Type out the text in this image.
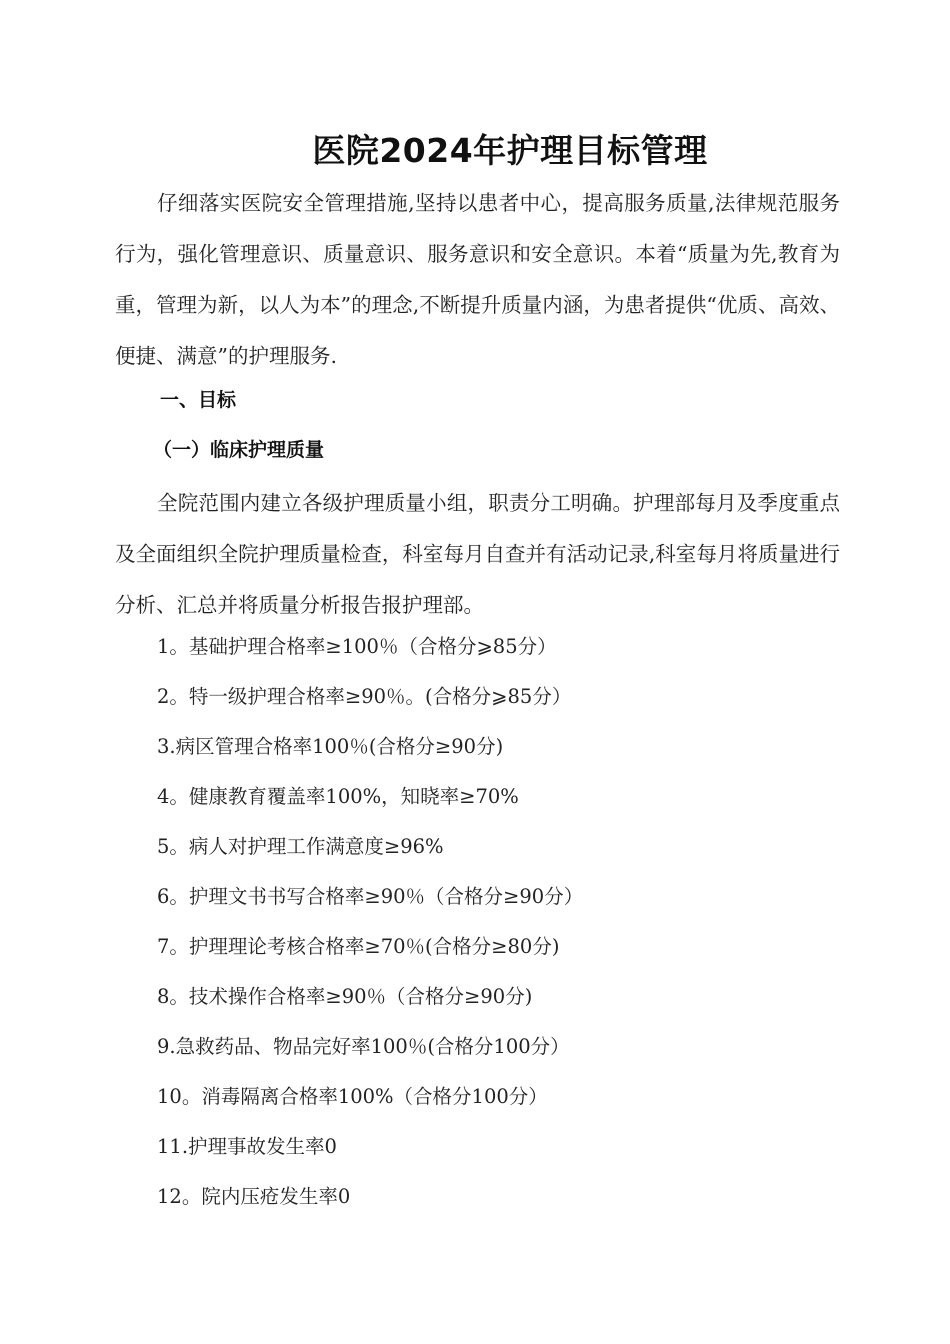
医院2024年护理目标管理

仔细落实医院安全管理措施,坚持以患者中心，提高服务质量,法律规范服务行为，强化管理意识、质量意识、服务意识和安全意识。本着“质量为先,教育为重，管理为新，以人为本”的理念,不断提升质量内涵，为患者提供“优质、高效、便捷、满意”的护理服务.

一、目标

（一）临床护理质量

全院范围内建立各级护理质量小组，职责分工明确。护理部每月及季度重点及全面组织全院护理质量检查，科室每月自查并有活动记录,科室每月将质量进行分析、汇总并将质量分析报告报护理部。

1。基础护理合格率≥100％（合格分⩾85分）
2。特一级护理合格率≥90％。(合格分⩾85分）
3.病区管理合格率100％(合格分≥90分)
4。健康教育覆盖率100%，知晓率≥70%
5。病人对护理工作满意度≥96%
6。护理文书书写合格率≥90％（合格分≥90分）
7。护理理论考核合格率≥70％(合格分≥80分)
8。技术操作合格率≥90％（合格分≥90分)
9.急救药品、物品完好率100％(合格分100分）
10。消毒隔离合格率100%（合格分100分）
11.护理事故发生率0
12。院内压疮发生率0
